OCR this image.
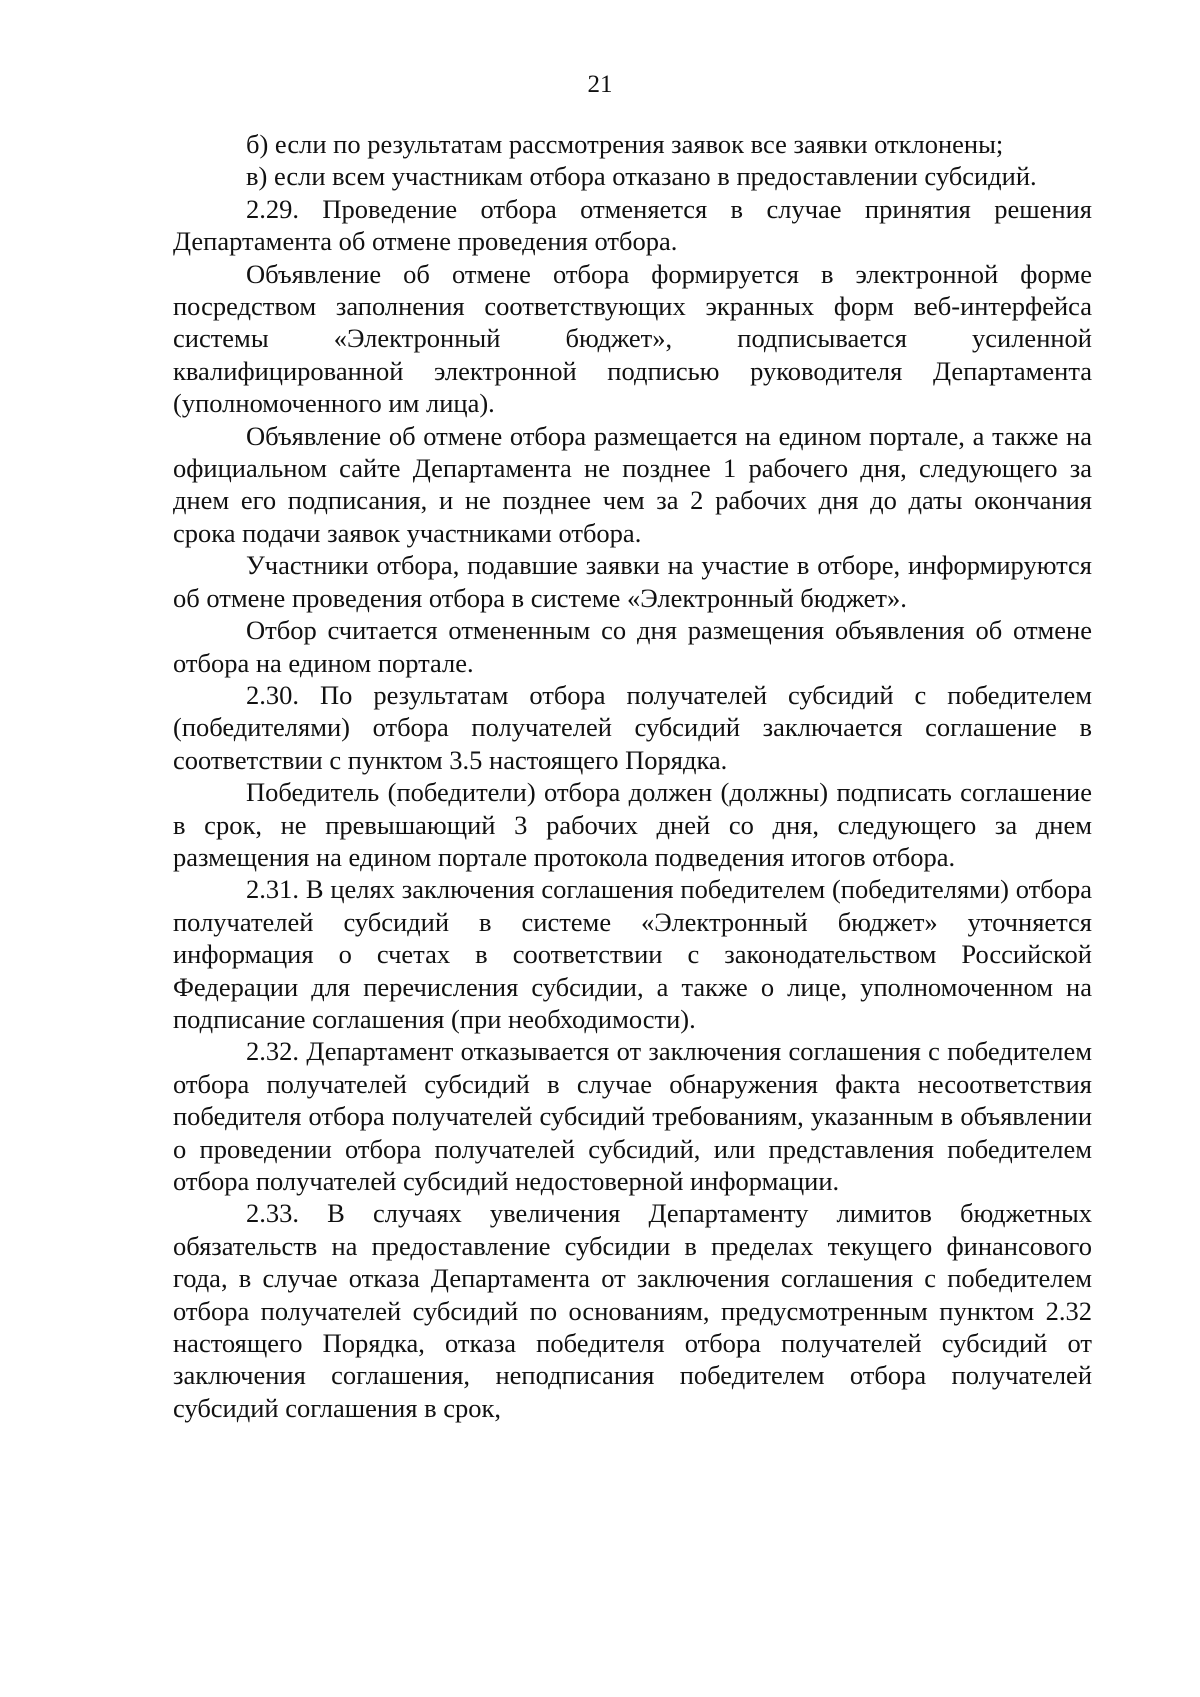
21

б) если по результатам рассмотрения заявок все заявки отклонены;

в) если всем участникам отбора отказано в предоставлении субсидий.

2.29. Проведение отбора отменяется в случае принятия решения Департамента об отмене проведения отбора.

Объявление об отмене отбора формируется в электронной форме посредством заполнения соответствующих экранных форм веб-интерфейса системы «Электронный бюджет», подписывается усиленной квалифицированной электронной подписью руководителя Департамента (уполномоченного им лица).

Объявление об отмене отбора размещается на едином портале, а также на официальном сайте Департамента не позднее 1 рабочего дня, следующего за днем его подписания, и не позднее чем за 2 рабочих дня до даты окончания срока подачи заявок участниками отбора.

Участники отбора, подавшие заявки на участие в отборе, информируются об отмене проведения отбора в системе «Электронный бюджет».

Отбор считается отмененным со дня размещения объявления об отмене отбора на едином портале.

2.30. По результатам отбора получателей субсидий с победителем (победителями) отбора получателей субсидий заключается соглашение в соответствии с пунктом 3.5 настоящего Порядка.

Победитель (победители) отбора должен (должны) подписать соглашение в срок, не превышающий 3 рабочих дней со дня, следующего за днем размещения на едином портале протокола подведения итогов отбора.

2.31. В целях заключения соглашения победителем (победителями) отбора получателей субсидий в системе «Электронный бюджет» уточняется информация о счетах в соответствии с законодательством Российской Федерации для перечисления субсидии, а также о лице, уполномоченном на подписание соглашения (при необходимости).

2.32. Департамент отказывается от заключения соглашения с победителем отбора получателей субсидий в случае обнаружения факта несоответствия победителя отбора получателей субсидий требованиям, указанным в объявлении о проведении отбора получателей субсидий, или представления победителем отбора получателей субсидий недостоверной информации.

2.33. В случаях увеличения Департаменту лимитов бюджетных обязательств на предоставление субсидии в пределах текущего финансового года, в случае отказа Департамента от заключения соглашения с победителем отбора получателей субсидий по основаниям, предусмотренным пунктом 2.32 настоящего Порядка, отказа победителя отбора получателей субсидий от заключения соглашения, неподписания победителем отбора получателей субсидий соглашения в срок,
